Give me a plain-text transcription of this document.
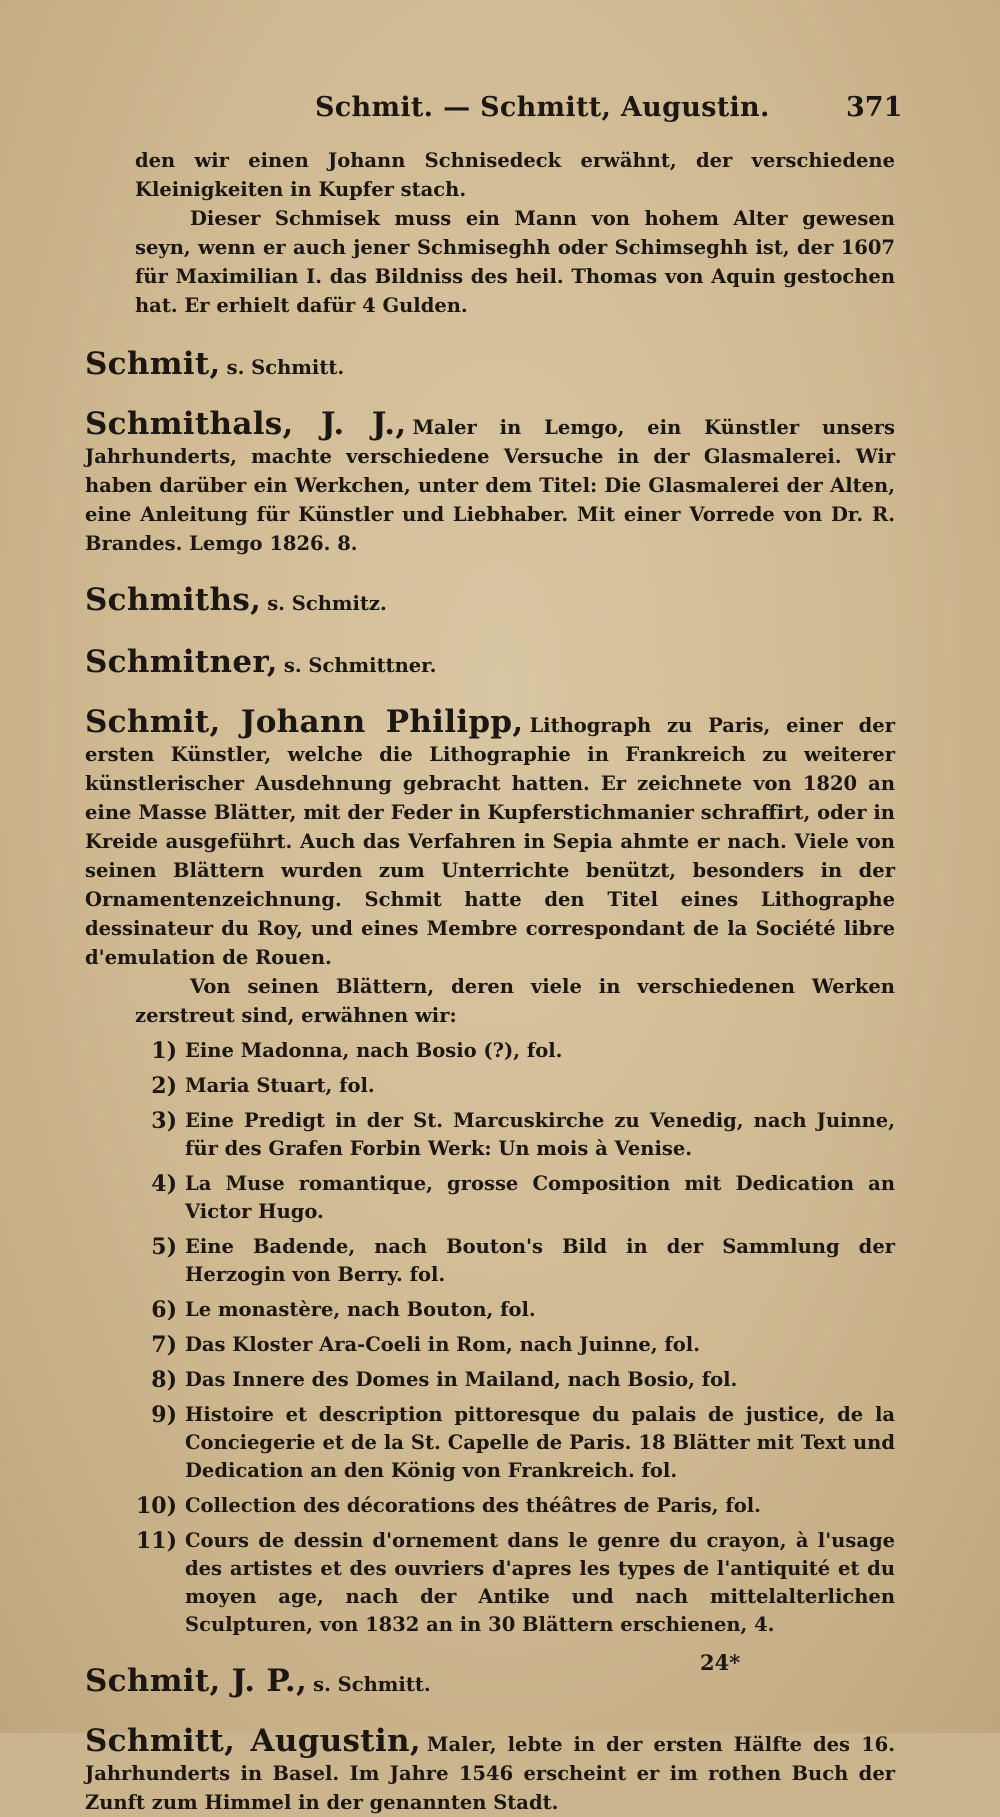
Schmit. — Schmitt, Augustin.	371

den wir einen Johann Schnisedeck erwähnt, der verschiedene Kleinigkeiten in Kupfer stach.

Dieser Schmisek muss ein Mann von hohem Alter gewesen seyn, wenn er auch jener Schmiseghh oder Schimseghh ist, der 1607 für Maximilian I. das Bildniss des heil. Thomas von Aquin gestochen hat. Er erhielt dafür 4 Gulden.

Schmit, s. Schmitt.

Schmithals, J. J., Maler in Lemgo, ein Künstler unsers Jahrhunderts, machte verschiedene Versuche in der Glasmalerei. Wir haben darüber ein Werkchen, unter dem Titel: Die Glasmalerei der Alten, eine Anleitung für Künstler und Liebhaber. Mit einer Vorrede von Dr. R. Brandes. Lemgo 1826. 8.

Schmiths, s. Schmitz.

Schmitner, s. Schmittner.

Schmit, Johann Philipp, Lithograph zu Paris, einer der ersten Künstler, welche die Lithographie in Frankreich zu weiterer künstlerischer Ausdehnung gebracht hatten. Er zeichnete von 1820 an eine Masse Blätter, mit der Feder in Kupferstichmanier schraffirt, oder in Kreide ausgeführt. Auch das Verfahren in Sepia ahmte er nach. Viele von seinen Blättern wurden zum Unterrichte benützt, besonders in der Ornamentenzeichnung. Schmit hatte den Titel eines Lithographe dessinateur du Roy, und eines Membre correspondant de la Société libre d'emulation de Rouen.

Von seinen Blättern, deren viele in verschiedenen Werken zerstreut sind, erwähnen wir:

1) Eine Madonna, nach Bosio (?), fol.
2) Maria Stuart, fol.
3) Eine Predigt in der St. Marcuskirche zu Venedig, nach Juinne, für des Grafen Forbin Werk: Un mois à Venise.
4) La Muse romantique, grosse Composition mit Dedication an Victor Hugo.
5) Eine Badende, nach Bouton's Bild in der Sammlung der Herzogin von Berry. fol.
6) Le monastère, nach Bouton, fol.
7) Das Kloster Ara-Coeli in Rom, nach Juinne, fol.
8) Das Innere des Domes in Mailand, nach Bosio, fol.
9) Histoire et description pittoresque du palais de justice, de la Conciegerie et de la St. Capelle de Paris. 18 Blätter mit Text und Dedication an den König von Frankreich. fol.
10) Collection des décorations des théâtres de Paris, fol.
11) Cours de dessin d'ornement dans le genre du crayon, à l'usage des artistes et des ouvriers d'apres les types de l'antiquité et du moyen age, nach der Antike und nach mittelalterlichen Sculpturen, von 1832 an in 30 Blättern erschienen, 4.

Schmit, J. P., s. Schmitt.

Schmitt, Augustin, Maler, lebte in der ersten Hälfte des 16. Jahrhunderts in Basel. Im Jahre 1546 erscheint er im rothen Buch der Zunft zum Himmel in der genannten Stadt.

24*
